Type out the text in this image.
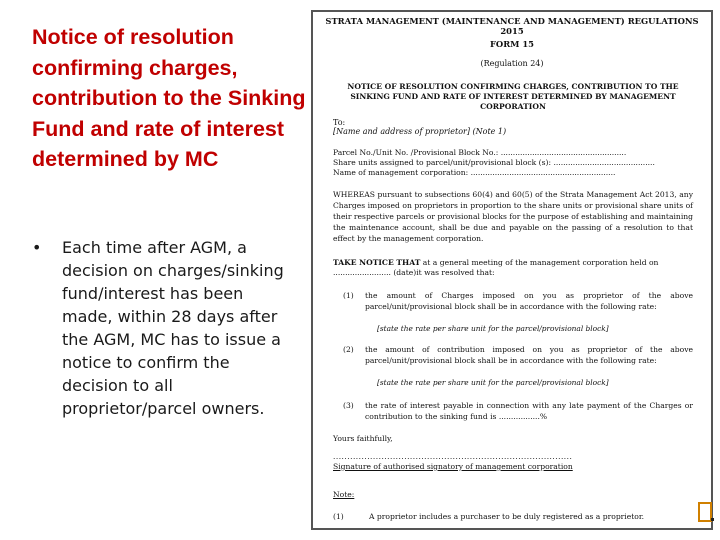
Notice of resolution confirming charges, contribution to the Sinking Fund and rate of interest determined by MC
• Each time after AGM, a decision on charges/sinking fund/interest has been made, within 28 days after the AGM, MC has to issue a notice to confirm the decision to all proprietor/parcel owners.
STRATA MANAGEMENT (MAINTENANCE AND MANAGEMENT) REGULATIONS 2015
FORM 15
(Regulation 24)
NOTICE OF RESOLUTION CONFIRMING CHARGES, CONTRIBUTION TO THE SINKING FUND AND RATE OF INTEREST DETERMINED BY MANAGEMENT CORPORATION
To:
[Name and address of proprietor] (Note 1)
Parcel No./Unit No. /Provisional Block No.: ....................................................
Share units assigned to parcel/unit/provisional block (s): ..........................................
Name of management corporation: ............................................................
WHEREAS pursuant to subsections 60(4) and 60(5) of the Strata Management Act 2013, any Charges imposed on proprietors in proportion to the share units or provisional share units of their respective parcels or provisional blocks for the purpose of establishing and maintaining the maintenance account, shall be due and payable on the passing of a resolution to that effect by the management corporation.
TAKE NOTICE THAT at a general meeting of the management corporation held on ........................ (date)it was resolved that:
(1)	the amount of Charges imposed on you as proprietor of the above parcel/unit/provisional block shall be in accordance with the following rate:
[state the rate per share unit for the parcel/provisional block]
(2)	the amount of contribution imposed on you as proprietor of the above parcel/unit/provisional block shall be in accordance with the following rate:
[state the rate per share unit for the parcel/provisional block]
(3)	the rate of interest payable in connection with any late payment of the Charges or contribution to the sinking fund is .................%
Yours faithfully,
....................................................................................
Signature of authorised signatory of management corporation
Note:
(1)	A proprietor includes a purchaser to be duly registered as a proprietor.
